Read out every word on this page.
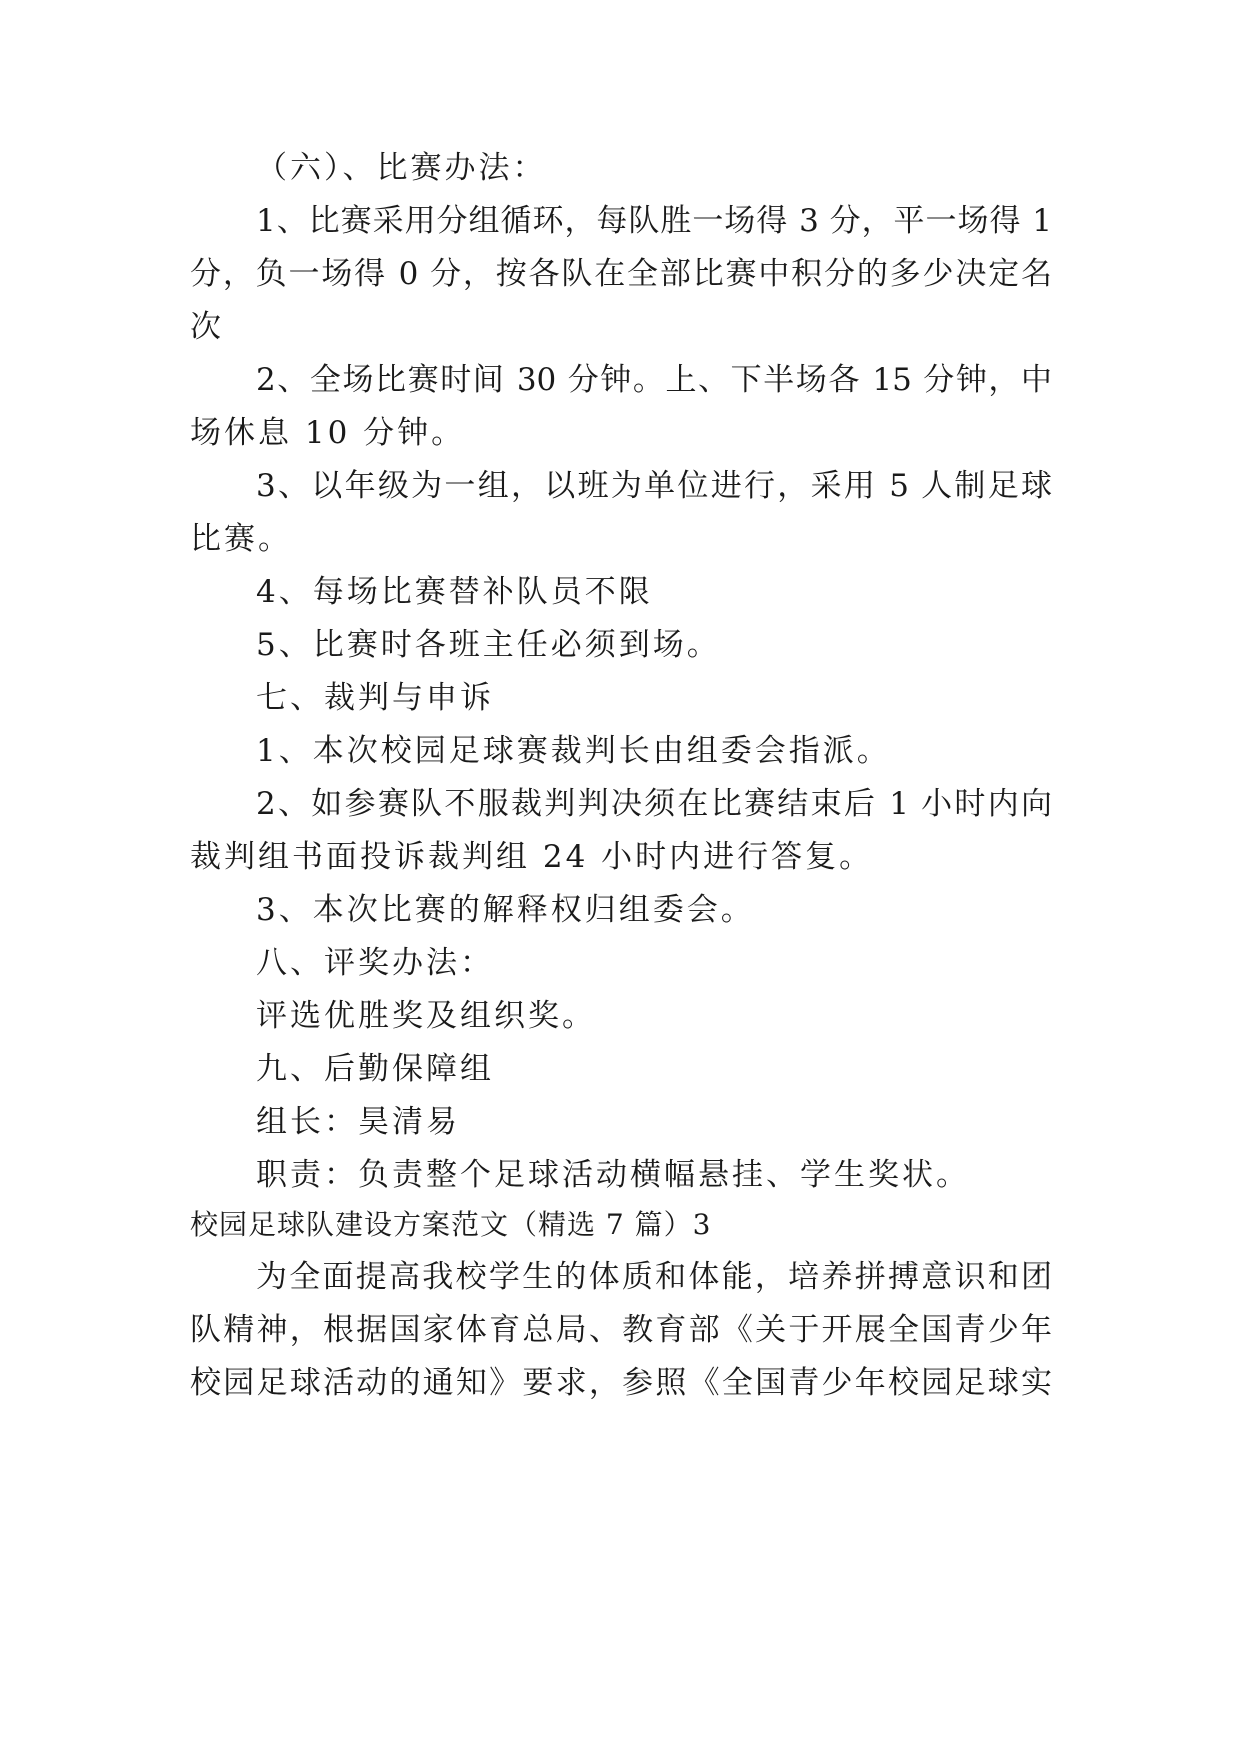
（六）、比赛办法：
1、比赛采用分组循环，每队胜一场得 3 分，平一场得 1
分，负一场得 0 分，按各队在全部比赛中积分的多少决定名
次
2、全场比赛时间 30 分钟。上、下半场各 15 分钟，中
场休息 10 分钟。
3、以年级为一组，以班为单位进行，采用 5 人制足球
比赛。
4、每场比赛替补队员不限
5、比赛时各班主任必须到场。
七、裁判与申诉
1、本次校园足球赛裁判长由组委会指派。
2、如参赛队不服裁判判决须在比赛结束后 1 小时内向
裁判组书面投诉裁判组 24 小时内进行答复。
3、本次比赛的解释权归组委会。
八、评奖办法：
评选优胜奖及组织奖。
九、后勤保障组
组长：昊清易
职责：负责整个足球活动横幅悬挂、学生奖状。
校园足球队建设方案范文（精选 7 篇）3
为全面提高我校学生的体质和体能，培养拼搏意识和团
队精神，根据国家体育总局、教育部《关于开展全国青少年
校园足球活动的通知》要求，参照《全国青少年校园足球实
